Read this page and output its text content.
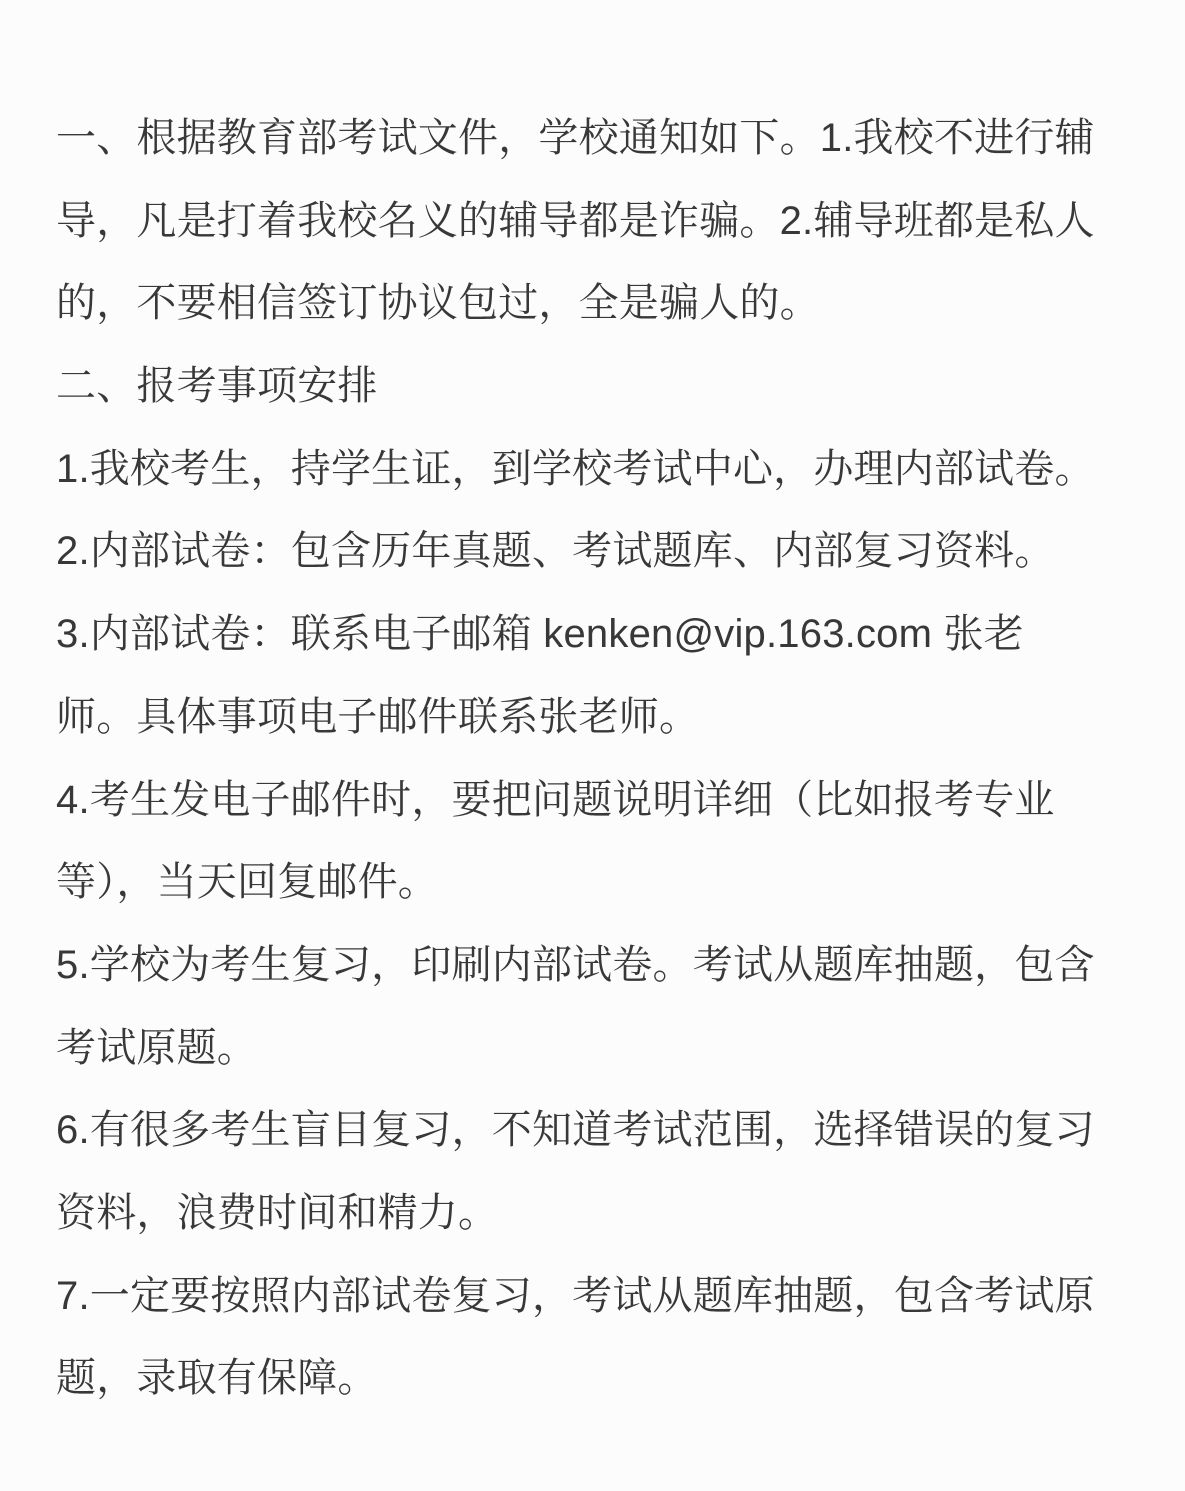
一、根据教育部考试文件，学校通知如下。1.我校不进行辅
导，凡是打着我校名义的辅导都是诈骗。2.辅导班都是私人
的，不要相信签订协议包过，全是骗人的。
二、报考事项安排
1.我校考生，持学生证，到学校考试中心，办理内部试卷。
2.内部试卷：包含历年真题、考试题库、内部复习资料。
3.内部试卷：联系电子邮箱 kenken@vip.163.com 张老
师。具体事项电子邮件联系张老师。
4.考生发电子邮件时，要把问题说明详细（比如报考专业
等），当天回复邮件。
5.学校为考生复习，印刷内部试卷。考试从题库抽题，包含
考试原题。
6.有很多考生盲目复习，不知道考试范围，选择错误的复习
资料，浪费时间和精力。
7.一定要按照内部试卷复习，考试从题库抽题，包含考试原
题，录取有保障。
